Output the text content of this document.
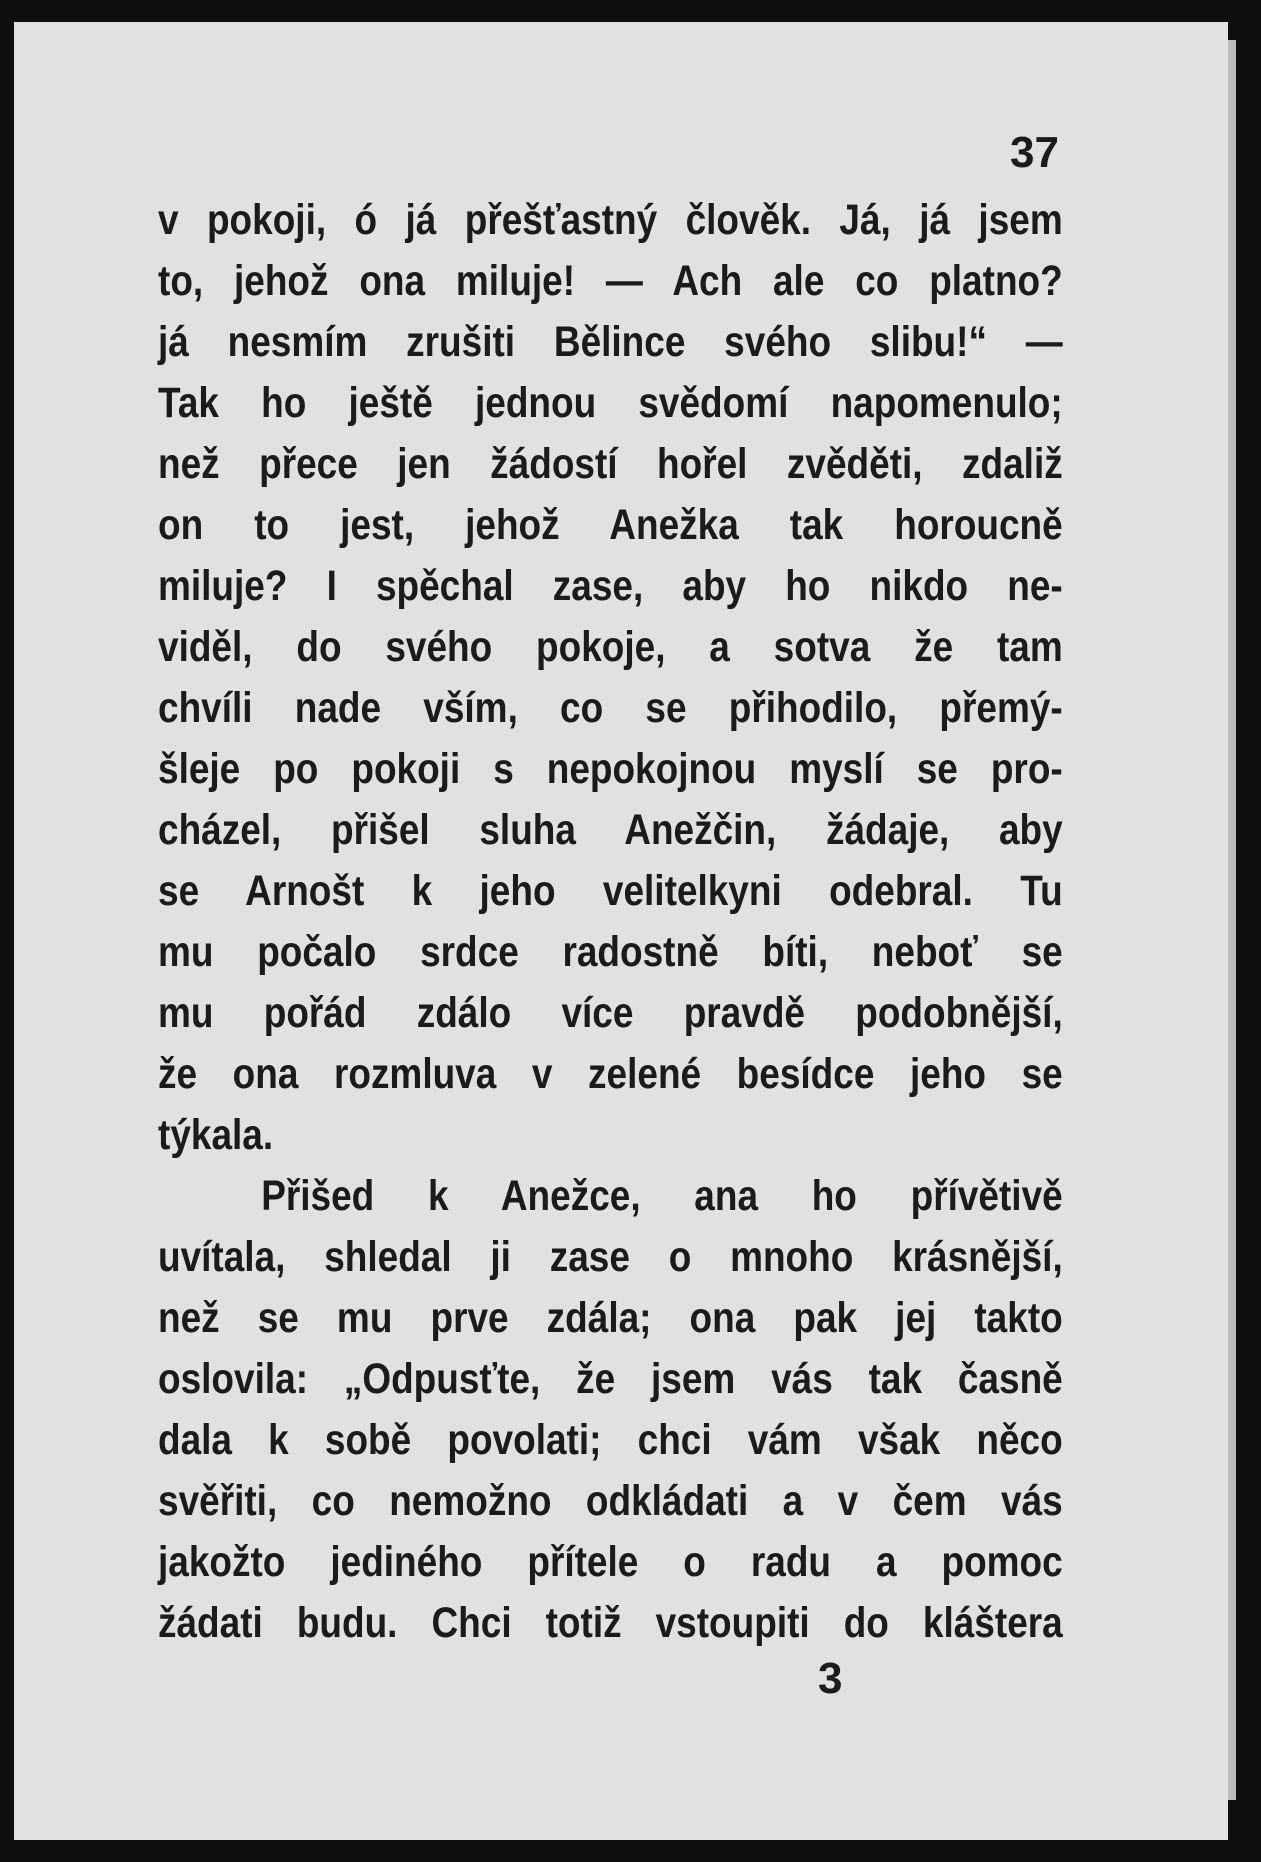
37
v pokoji, ó já přešťastný člověk. Já, já jsem
to, jehož ona miluje! — Ach ale co platno?
já nesmím zrušiti Bělince svého slibu!“ —
Tak ho ještě jednou svědomí napomenulo;
než přece jen žádostí hořel zvěděti, zdaliž
on to jest, jehož Anežka tak horoucně
miluje? I spěchal zase, aby ho nikdo ne-
viděl, do svého pokoje, a sotva že tam
chvíli nade vším, co se přihodilo, přemý-
šleje po pokoji s nepokojnou myslí se pro-
cházel, přišel sluha Anežčin, žádaje, aby
se Arnošt k jeho velitelkyni odebral. Tu
mu počalo srdce radostně bíti, neboť se
mu pořád zdálo více pravdě podobnější,
že ona rozmluva v zelené besídce jeho se
týkala.
Přišed k Anežce, ana ho přívětivě
uvítala, shledal ji zase o mnoho krásnější,
než se mu prve zdála; ona pak jej takto
oslovila: „Odpusťte, že jsem vás tak časně
dala k sobě povolati; chci vám však něco
svěřiti, co nemožno odkládati a v čem vás
jakožto jediného přítele o radu a pomoc
žádati budu. Chci totiž vstoupiti do kláštera
3
